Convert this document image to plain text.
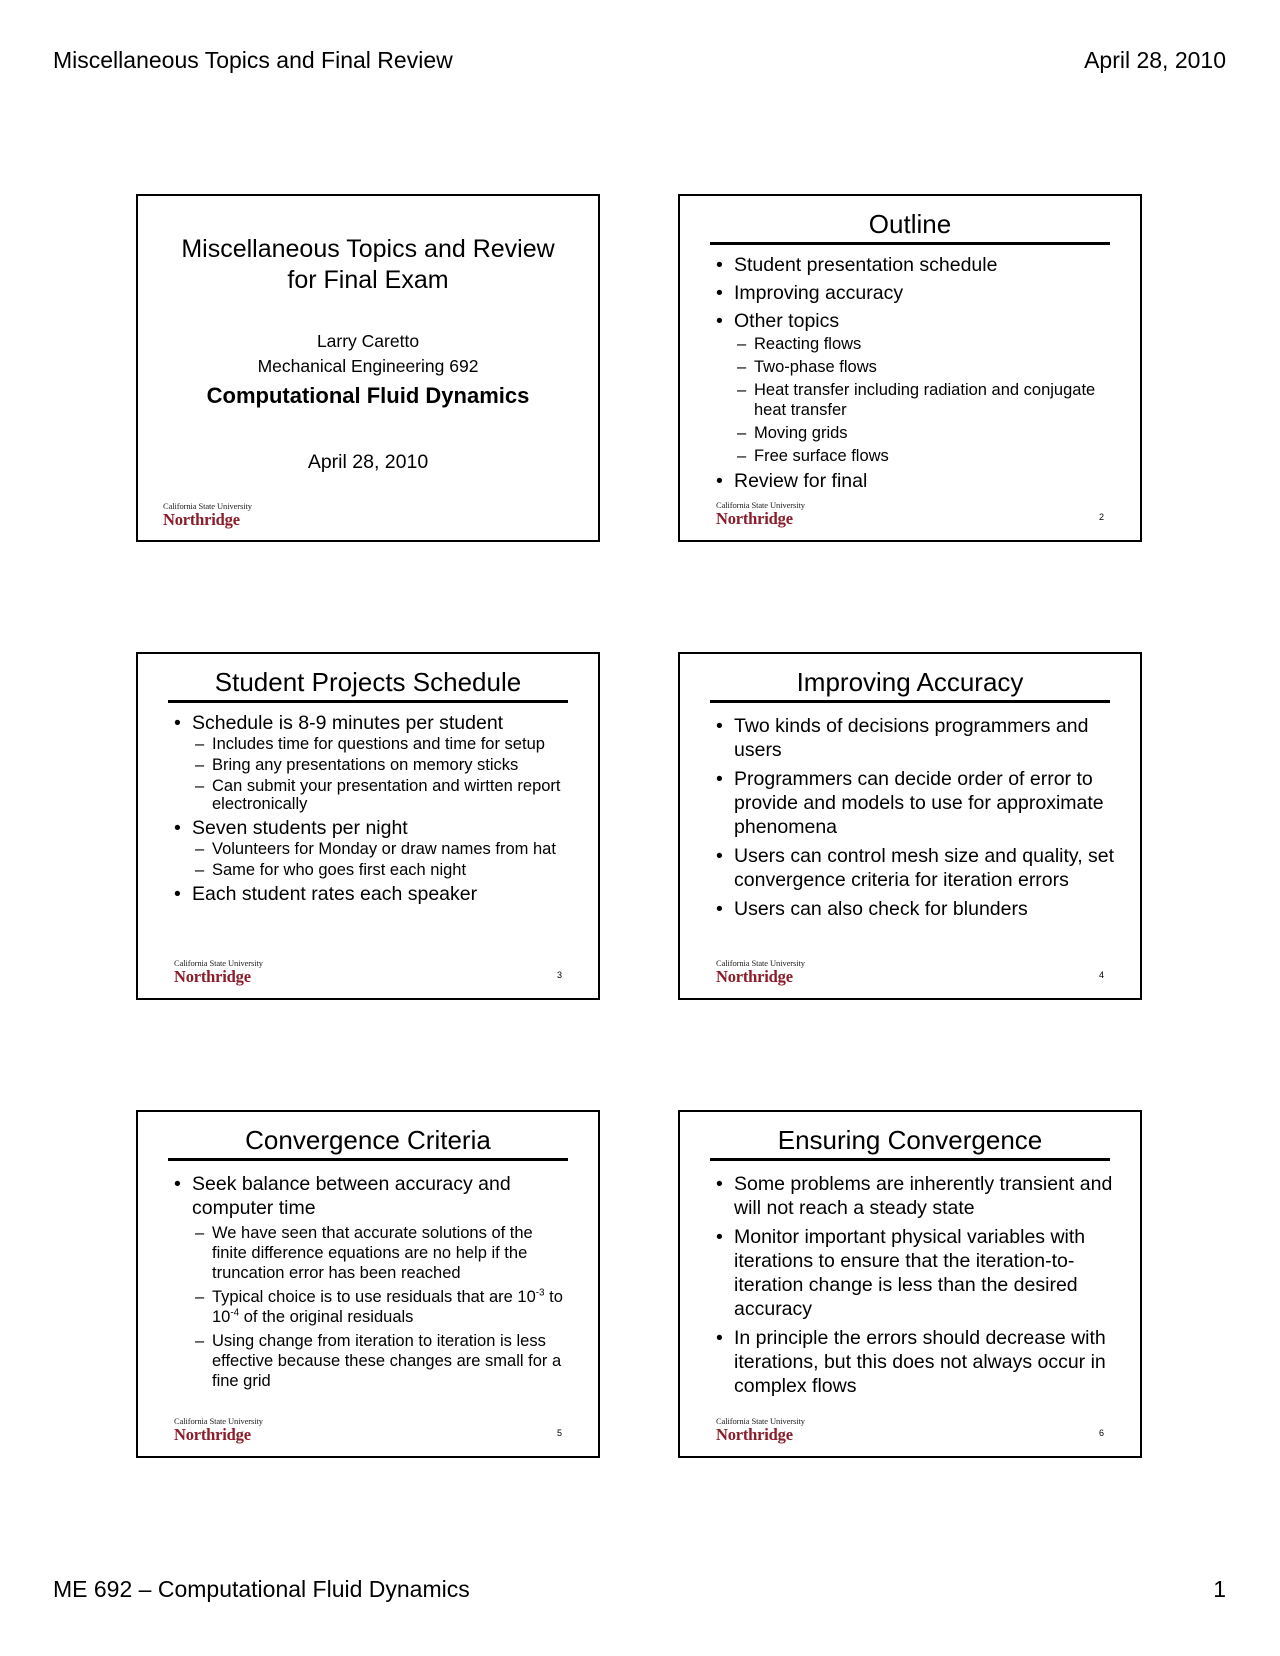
Miscellaneous Topics and Final Review	April 28, 2010
Miscellaneous Topics and Review
for Final Exam
Larry Caretto
Mechanical Engineering 692
Computational Fluid Dynamics
April 28, 2010
California State University
Northridge
Outline
• Student presentation schedule
• Improving accuracy
• Other topics
– Reacting flows
– Two-phase flows
– Heat transfer including radiation and conjugate heat transfer
– Moving grids
– Free surface flows
• Review for final
California State University
Northridge	2
Student Projects Schedule
• Schedule is 8-9 minutes per student
– Includes time for questions and time for setup
– Bring any presentations on memory sticks
– Can submit your presentation and wirtten report electronically
• Seven students per night
– Volunteers for Monday or draw names from hat
– Same for who goes first each night
• Each student rates each speaker
California State University
Northridge	3
Improving Accuracy
• Two kinds of decisions programmers and users
• Programmers can decide order of error to provide and models to use for approximate phenomena
• Users can control mesh size and quality, set convergence criteria for iteration errors
• Users can also check for blunders
California State University
Northridge	4
Convergence Criteria
• Seek balance between accuracy and computer time
– We have seen that accurate solutions of the finite difference equations are no help if the truncation error has been reached
– Typical choice is to use residuals that are $10^{-3}$ to $10^{-4}$ of the original residuals
– Using change from iteration to iteration is less effective because these changes are small for a fine grid
California State University
Northridge	5
Ensuring Convergence
• Some problems are inherently transient and will not reach a steady state
• Monitor important physical variables with iterations to ensure that the iteration-to-iteration change is less than the desired accuracy
• In principle the errors should decrease with iterations, but this does not always occur in complex flows
California State University
Northridge	6
ME 692 – Computational Fluid Dynamics	1
